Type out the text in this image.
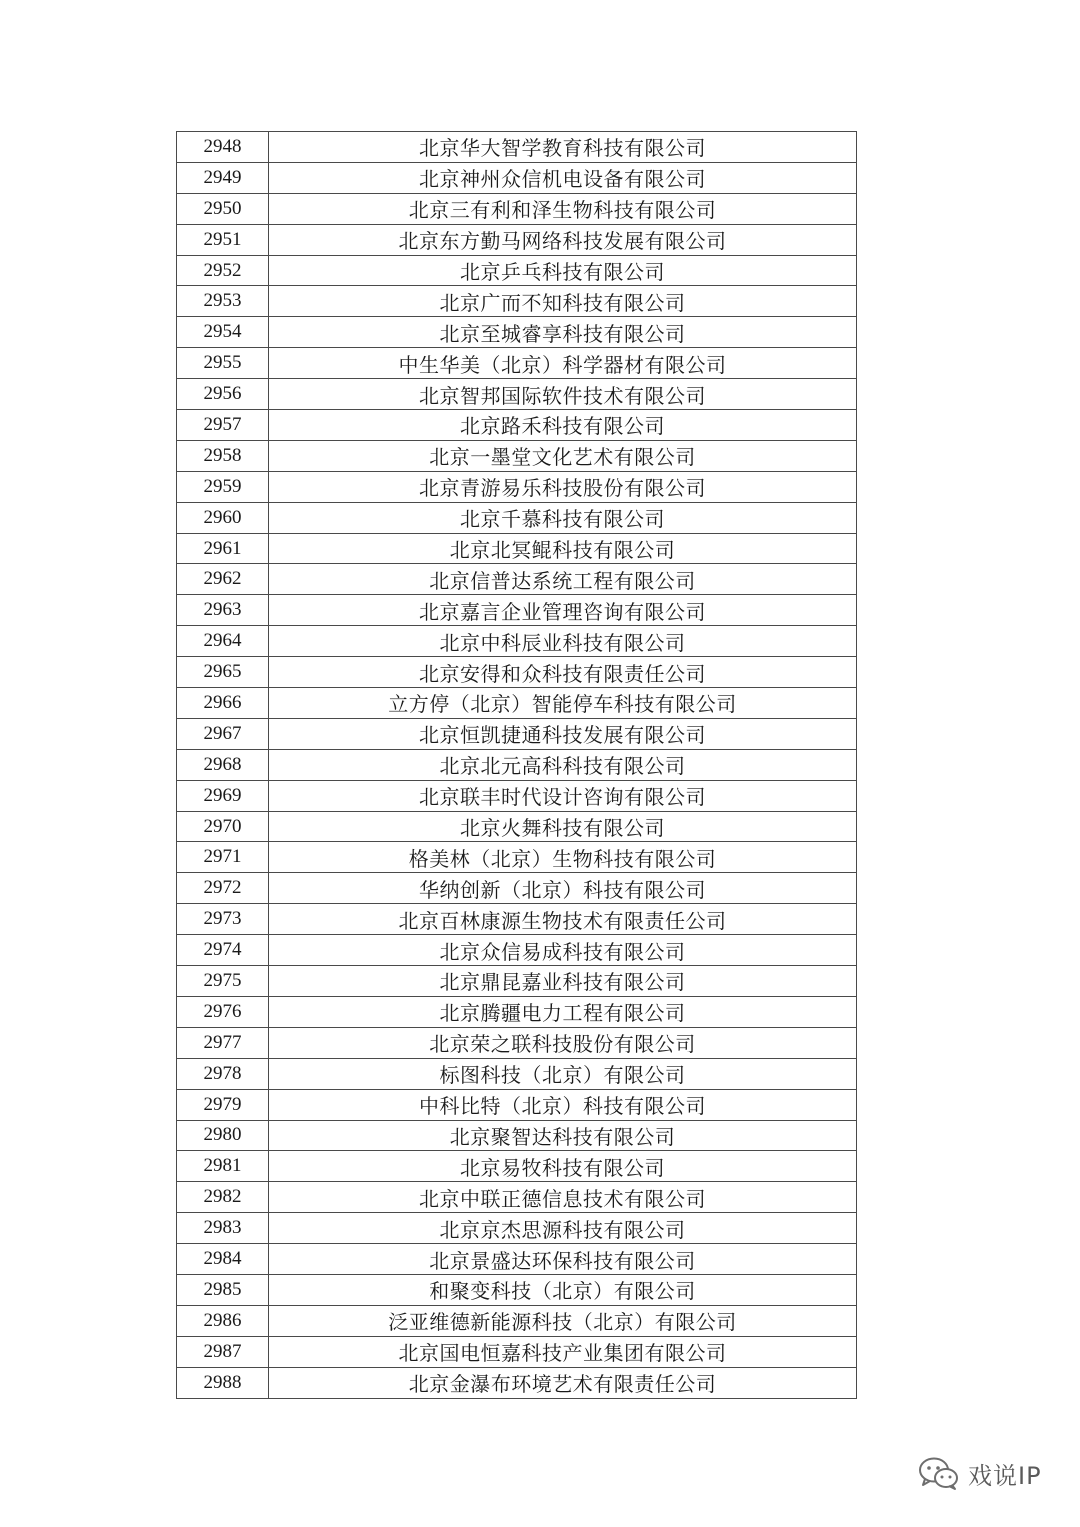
2948	北京华大智学教育科技有限公司
2949	北京神州众信机电设备有限公司
2950	北京三有利和泽生物科技有限公司
2951	北京东方勤马网络科技发展有限公司
2952	北京乒乓科技有限公司
2953	北京广而不知科技有限公司
2954	北京至城睿享科技有限公司
2955	中生华美（北京）科学器材有限公司
2956	北京智邦国际软件技术有限公司
2957	北京路禾科技有限公司
2958	北京一墨堂文化艺术有限公司
2959	北京青游易乐科技股份有限公司
2960	北京千慕科技有限公司
2961	北京北冥鲲科技有限公司
2962	北京信普达系统工程有限公司
2963	北京嘉言企业管理咨询有限公司
2964	北京中科辰业科技有限公司
2965	北京安得和众科技有限责任公司
2966	立方停（北京）智能停车科技有限公司
2967	北京恒凯捷通科技发展有限公司
2968	北京北元高科科技有限公司
2969	北京联丰时代设计咨询有限公司
2970	北京火舞科技有限公司
2971	格美林（北京）生物科技有限公司
2972	华纳创新（北京）科技有限公司
2973	北京百林康源生物技术有限责任公司
2974	北京众信易成科技有限公司
2975	北京鼎昆嘉业科技有限公司
2976	北京腾疆电力工程有限公司
2977	北京荣之联科技股份有限公司
2978	标图科技（北京）有限公司
2979	中科比特（北京）科技有限公司
2980	北京聚智达科技有限公司
2981	北京易牧科技有限公司
2982	北京中联正德信息技术有限公司
2983	北京京杰思源科技有限公司
2984	北京景盛达环保科技有限公司
2985	和聚变科技（北京）有限公司
2986	泛亚维德新能源科技（北京）有限公司
2987	北京国电恒嘉科技产业集团有限公司
2988	北京金瀑布环境艺术有限责任公司
戏说IP
